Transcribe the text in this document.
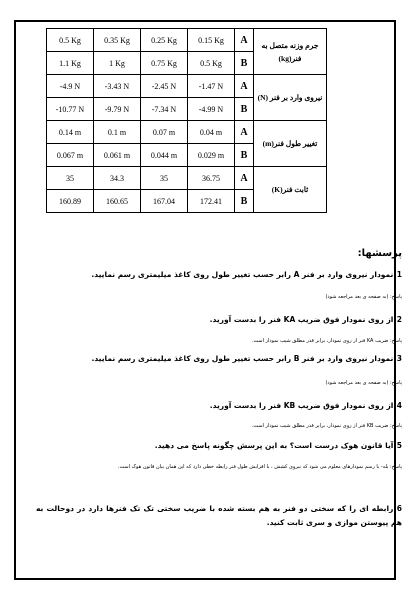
0.5 Kg	0.35 Kg	0.25 Kg	0.15 Kg	A	جرم وزنه متصل به فنر(kg)
1.1 Kg	1 Kg	0.75 Kg	0.5 Kg	B	
-4.9 N	-3.43 N	-2.45 N	-1.47 N	A	نیروی وارد بر فنر (N)
-10.77 N	-9.79 N	-7.34 N	-4.99 N	B	
0.14 m	0.1 m	0.07 m	0.04 m	A	تغییر طول فنر(m)
0.067 m	0.061 m	0.044 m	0.029 m	B	
35	34.3	35	36.75	A	ثابت فنر(K)
160.89	160.65	167.04	172.41	B	
پرسشها:
1)نمودار نیروی وارد بر فنر A رابر حسب تغییر طول روی کاغذ میلیمتری رسم نمایید.
پاسخ: (به صفحه ی بعد مراجعه شود)
2)از روی نمودار فوق ضریب KA فنر را بدست آورید.
پاسخ: ضریب KA فنر از روی نمودار، برابر قدر مطلق شیب نمودار است.
3)نمودار نیروی وارد بر فنر B رابر حسب تغییر طول روی کاغذ میلیمتری رسم نمایید.
پاسخ: (به صفحه ی بعد مراجعه شود)
4)از روی نمودار فوق ضریب KB فنر را بدست آورید.
پاسخ: ضریب KB فنر از روی نمودار، برابر قدر مطلق شیب نمودار است.
5)آیا قانون هوک درست است؟ به این پرسش چگونه پاسخ می دهید.
پاسخ: بله- با رسم نمودارهای معلوم می شود که نیروی کشش ، با افزایش طول فنر رابطه خطی دارد که این همان بیان قانون هوک است.
6)رابطه ای را که سختی دو فنر به هم بسته شده با ضریب سختی تک تک فنرها دارد در دوحالت به هم پیوستن موازی و سری ثابت کنید.
